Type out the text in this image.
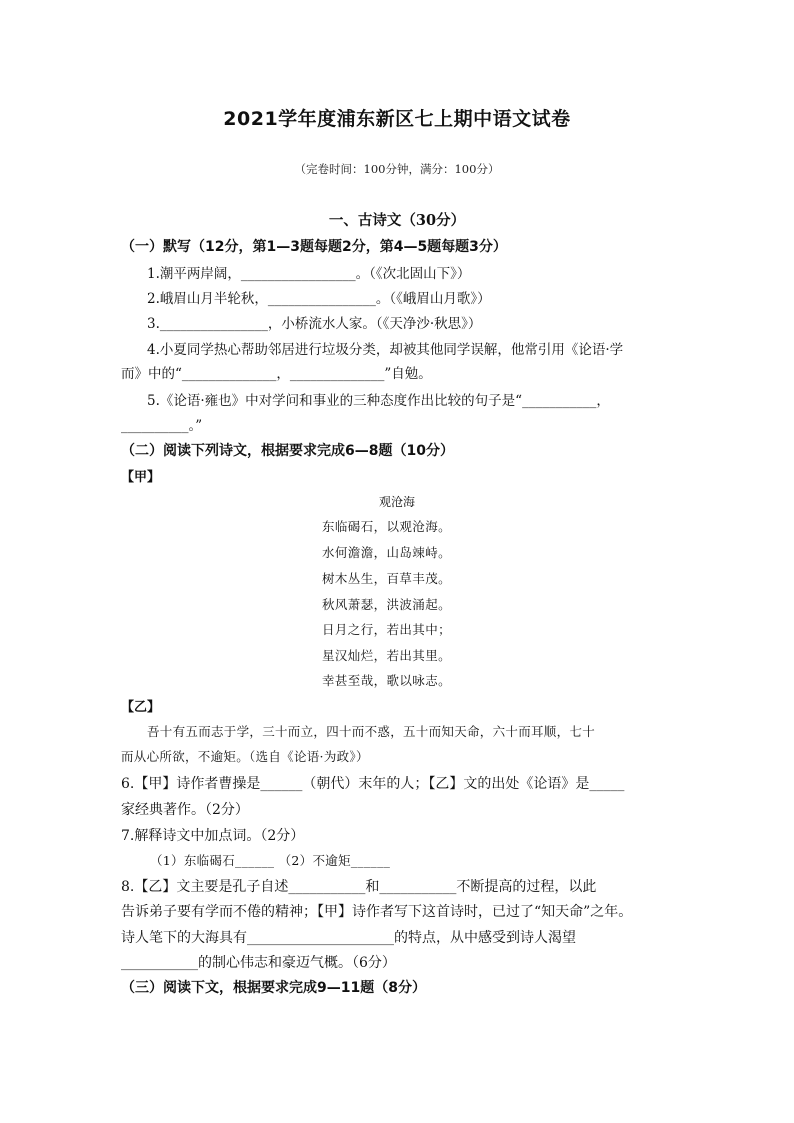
2021学年度浦东新区七上期中语文试卷
（完卷时间：100分钟，满分：100分）
一、古诗文（30分）
（一）默写（12分，第1—3题每题2分，第4—5题每题3分）
1.潮平两岸阔，_________________。（《次北固山下》）
2.峨眉山月半轮秋，________________。（《峨眉山月歌》）
3.________________，小桥流水人家。（《天净沙·秋思》）
4.小夏同学热心帮助邻居进行垃圾分类，却被其他同学误解，他常引用《论语·学
而》中的“______________，______________”自勉。
5.《论语·雍也》中对学问和事业的三种态度作出比较的句子是“___________，
__________。”
（二）阅读下列诗文，根据要求完成6—8题（10分）
【甲】
观沧海
东临碣石，以观沧海。
水何澹澹，山岛竦峙。
树木丛生，百草丰茂。
秋风萧瑟，洪波涌起。
日月之行，若出其中；
星汉灿烂，若出其里。
幸甚至哉，歌以咏志。
【乙】
吾十有五而志于学，三十而立，四十而不惑，五十而知天命，六十而耳顺，七十
而从心所欲，不逾矩。（选自《论语·为政》）
6.【甲】诗作者曹操是______（朝代）末年的人；【乙】文的出处《论语》是_____
家经典著作。（2分）
7.解释诗文中加点词。（2分）
（1）东临碣石______ （2）不逾矩______
8.【乙】文主要是孔子自述___________和___________不断提高的过程，以此
告诉弟子要有学而不倦的精神；【甲】诗作者写下这首诗时，已过了“知天命”之年。
诗人笔下的大海具有_____________________的特点，从中感受到诗人渴望
___________的制心伟志和豪迈气概。（6分）
（三）阅读下文，根据要求完成9—11题（8分）
